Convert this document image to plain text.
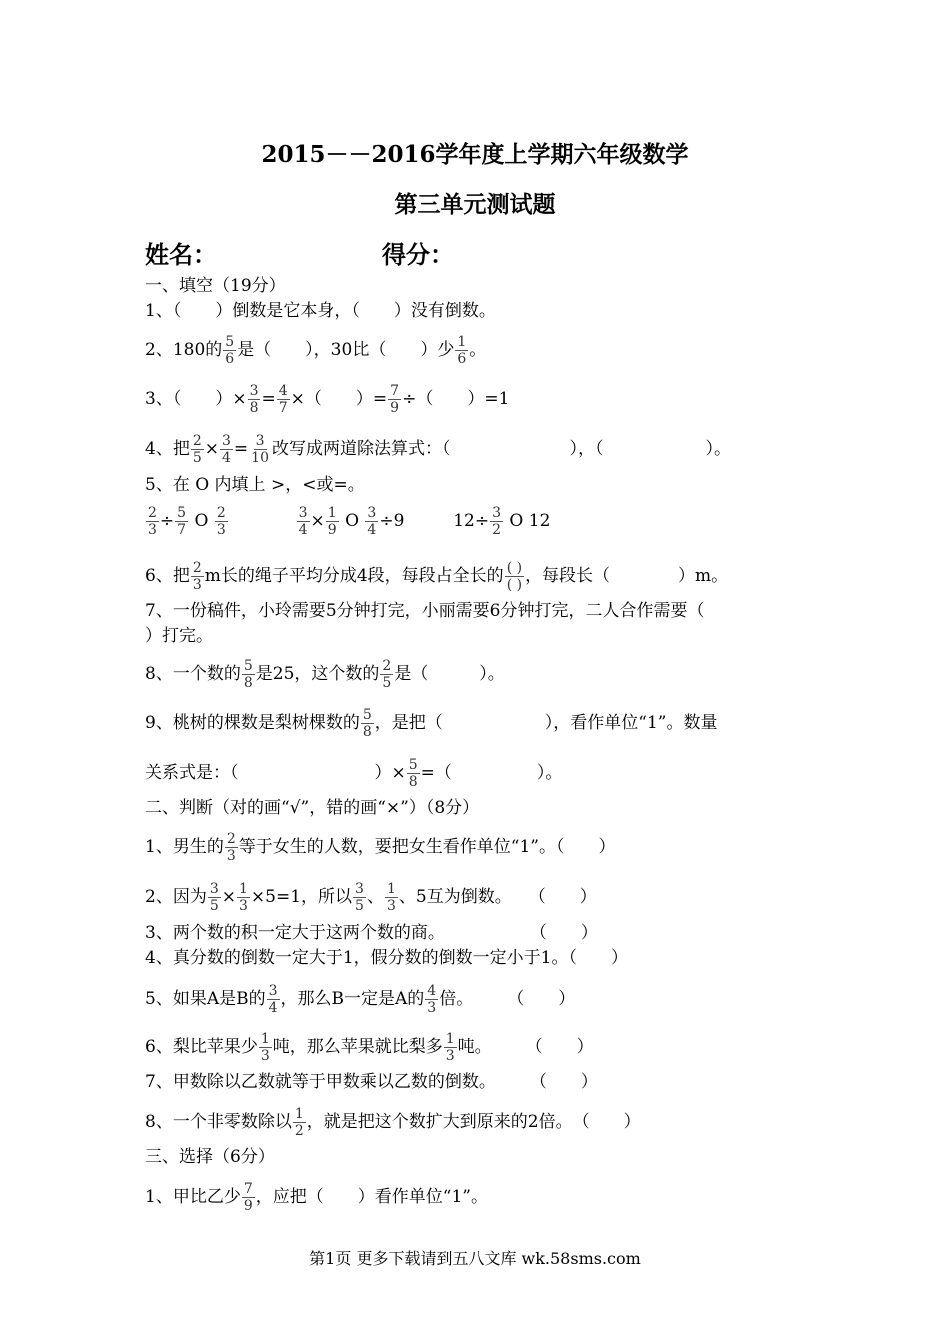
2015－－2016学年度上学期六年级数学
第三单元测试题
姓名：	得分：
一、填空（19分）
1、（　　）倒数是它本身，（　　）没有倒数。
2、180的 $\frac{5}{6}$ 是（　　），30比（　　）少 $\frac{1}{6}$ 。
3、（　　）× $\frac{3}{8} = \frac{4}{7}$ ×（　　）= $\frac{7}{9}$ ÷（　　）=1
4、把 $\frac{2}{5} \times \frac{3}{4} = \frac{3}{10}$ 改写成两道除法算式：（　　　　　　　），（　　　　　　）。
5、在 O 内填上 >，<或=。
$\frac{2}{3} \div \frac{5}{7}$ O $\frac{2}{3}$
	$\frac{3}{4} \times \frac{1}{9}$ O $\frac{3}{4} \div 9$	$12\div \frac{3}{2}$ O 12
6、把 $\frac{2}{3}$ m长的绳子平均分成4段，每段占全长的 $\frac{( )}{( )}$ ，每段长（　　　　）m。
7、一份稿件，小玲需要5分钟打完，小丽需要6分钟打完，二人合作需要（
）打完。
8、一个数的 $\frac{5}{8}$ 是25，这个数的 $\frac{2}{5}$ 是（　　　）。
9、桃树的棵数是梨树棵数的 $\frac{5}{8}$ ，是把（　　　　　　），看作单位“1”。数量
关系式是：（　　　　　　　　）× $\frac{5}{8}$ =（　　　　　）。
二、判断（对的画“√”，错的画“×”）（8分）
1、男生的 $\frac{2}{3}$ 等于女生的人数，要把女生看作单位“1”。（　　）
2、因为 $\frac{3}{5} \times \frac{1}{3} \times 5=1$，所以 $\frac{3}{5}$ 、 $\frac{1}{3}$ 、5互为倒数。　　（　　）
3、两个数的积一定大于这两个数的商。　　　　　　（　　）
4、真分数的倒数一定大于1，假分数的倒数一定小于1。（　　）
5、如果A是B的 $\frac{3}{4}$ ，那么B一定是A的 $\frac{4}{3}$ 倍。　　　（　　）
6、梨比苹果少 $\frac{1}{3}$ 吨，那么苹果就比梨多 $\frac{1}{3}$ 吨。　　　（　　）
7、甲数除以乙数就等于甲数乘以乙数的倒数。　　　（　　）
8、一个非零数除以 $\frac{1}{2}$ ，就是把这个数扩大到原来的2倍。　（　　）
三、选择（6分）
1、甲比乙少 $\frac{7}{9}$ ，应把（　　）看作单位“1”。
第1页 更多下载请到五八文库 wk.58sms.com
